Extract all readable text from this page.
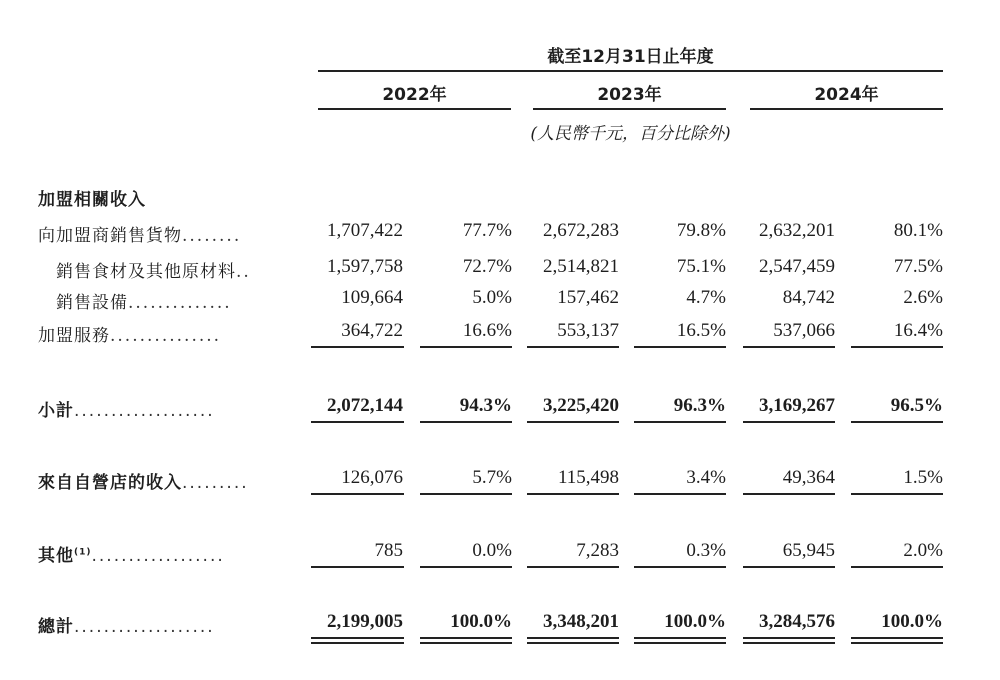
截至12月31日止年度
2022年	2023年	2024年
(人民幣千元，百分比除外)
加盟相關收入
向加盟商銷售貨物........	1,707,422	77.7%	2,672,283	79.8%	2,632,201	80.1%
銷售食材及其他原材料..	1,597,758	72.7%	2,514,821	75.1%	2,547,459	77.5%
銷售設備..............	109,664	5.0%	157,462	4.7%	84,742	2.6%
加盟服務...............	364,722	16.6%	553,137	16.5%	537,066	16.4%
小計...................	2,072,144	94.3%	3,225,420	96.3%	3,169,267	96.5%
來自自營店的收入.........	126,076	5.7%	115,498	3.4%	49,364	1.5%
其他$^{(1)}$..................	785	0.0%	7,283	0.3%	65,945	2.0%
總計...................	2,199,005	100.0%	3,348,201	100.0%	3,284,576	100.0%
